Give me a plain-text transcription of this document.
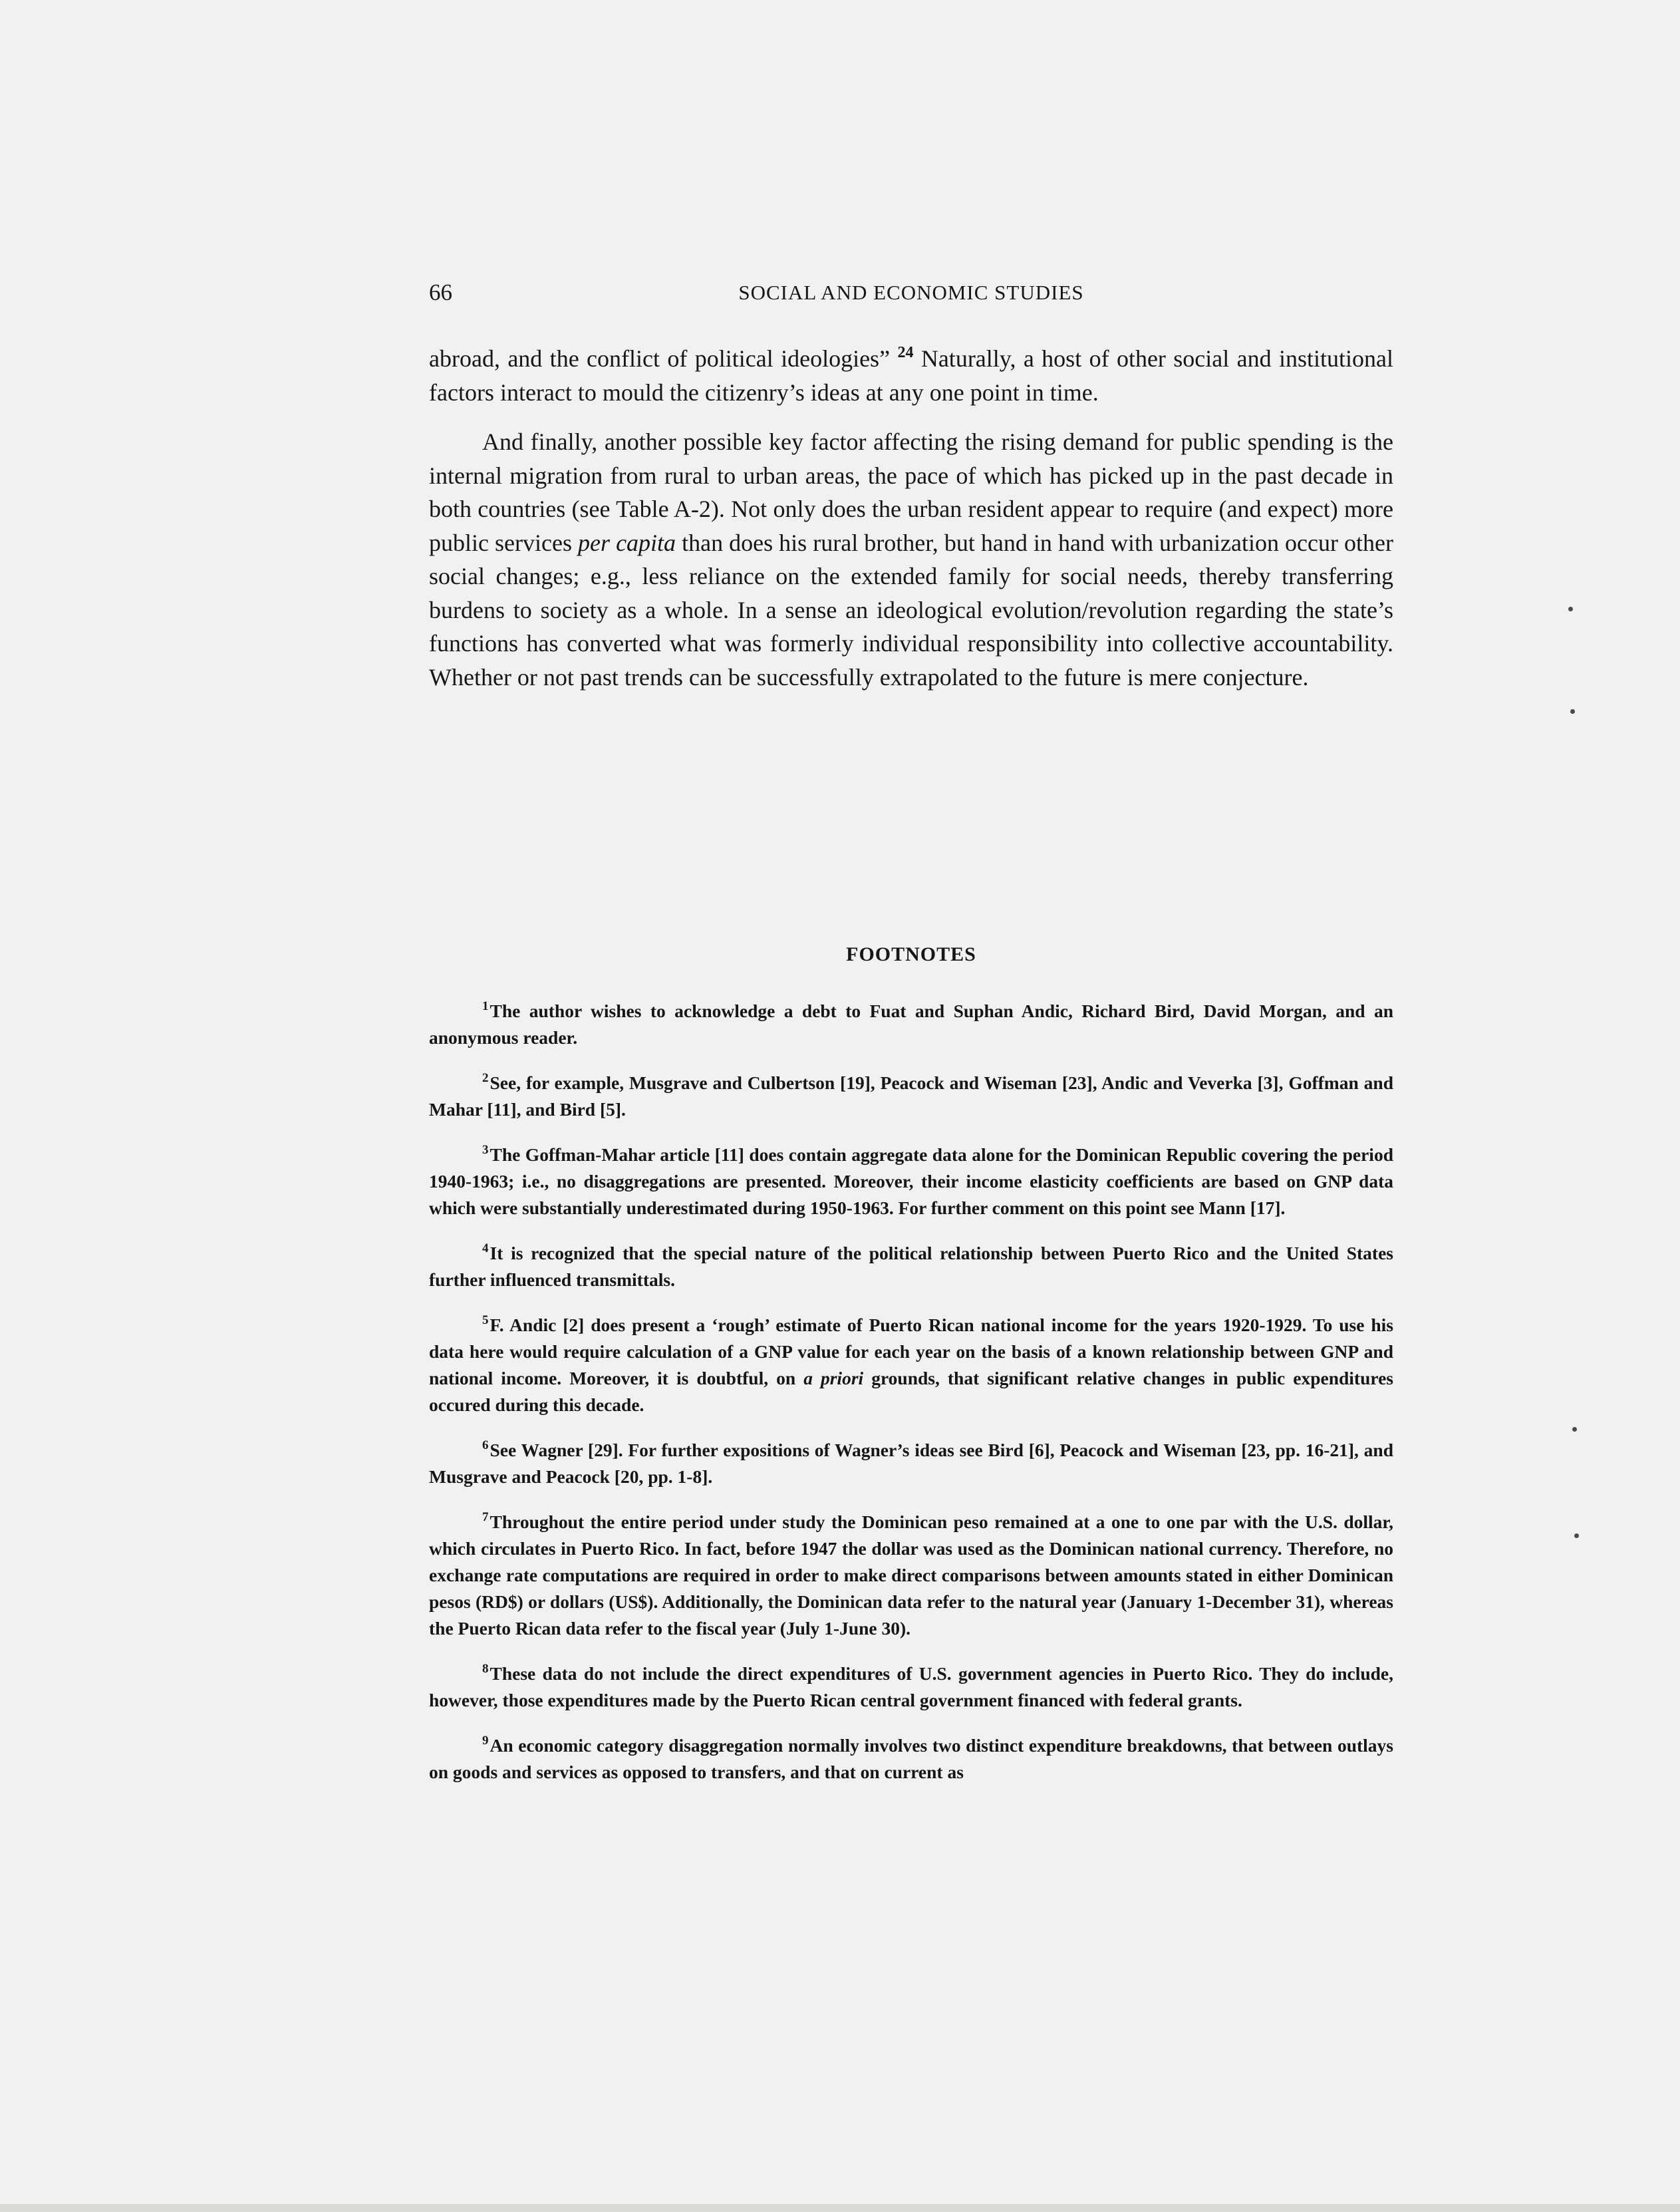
66	SOCIAL AND ECONOMIC STUDIES

abroad, and the conflict of political ideologies” $^{24}$ Naturally, a host of other social and institutional factors interact to mould the citizenry’s ideas at any one point in time.

And finally, another possible key factor affecting the rising demand for public spending is the internal migration from rural to urban areas, the pace of which has picked up in the past decade in both countries (see Table A-2). Not only does the urban resident appear to require (and expect) more public services per capita than does his rural brother, but hand in hand with urbanization occur other social changes; e.g., less reliance on the extended family for social needs, thereby transferring burdens to society as a whole. In a sense an ideological evolution/revolution regarding the state’s functions has converted what was formerly individual responsibility into collective accountability. Whether or not past trends can be successfully extrapolated to the future is mere conjecture.

FOOTNOTES
$^1$The author wishes to acknowledge a debt to Fuat and Suphan Andic, Richard Bird, David Morgan, and an anonymous reader.
$^2$See, for example, Musgrave and Culbertson [19], Peacock and Wiseman [23], Andic and Veverka [3], Goffman and Mahar [11], and Bird [5].
$^3$The Goffman-Mahar article [11] does contain aggregate data alone for the Dominican Republic covering the period 1940-1963; i.e., no disaggregations are presented. Moreover, their income elasticity coefficients are based on GNP data which were substantially underestimated during 1950-1963. For further comment on this point see Mann [17].
$^4$It is recognized that the special nature of the political relationship between Puerto Rico and the United States further influenced transmittals.
$^5$F. Andic [2] does present a ‘rough’ estimate of Puerto Rican national income for the years 1920-1929. To use his data here would require calculation of a GNP value for each year on the basis of a known relationship between GNP and national income. Moreover, it is doubtful, on a priori grounds, that significant relative changes in public expenditures occured during this decade.
$^6$See Wagner [29]. For further expositions of Wagner’s ideas see Bird [6], Peacock and Wiseman [23, pp. 16-21], and Musgrave and Peacock [20, pp. 1-8].
$^7$Throughout the entire period under study the Dominican peso remained at a one to one par with the U.S. dollar, which circulates in Puerto Rico. In fact, before 1947 the dollar was used as the Dominican national currency. Therefore, no exchange rate computations are required in order to make direct comparisons between amounts stated in either Dominican pesos (RD$) or dollars (US$). Additionally, the Dominican data refer to the natural year (January 1-December 31), whereas the Puerto Rican data refer to the fiscal year (July 1-June 30).
$^8$These data do not include the direct expenditures of U.S. government agencies in Puerto Rico. They do include, however, those expenditures made by the Puerto Rican central government financed with federal grants.
$^9$An economic category disaggregation normally involves two distinct expenditure breakdowns, that between outlays on goods and services as opposed to transfers, and that on current as
